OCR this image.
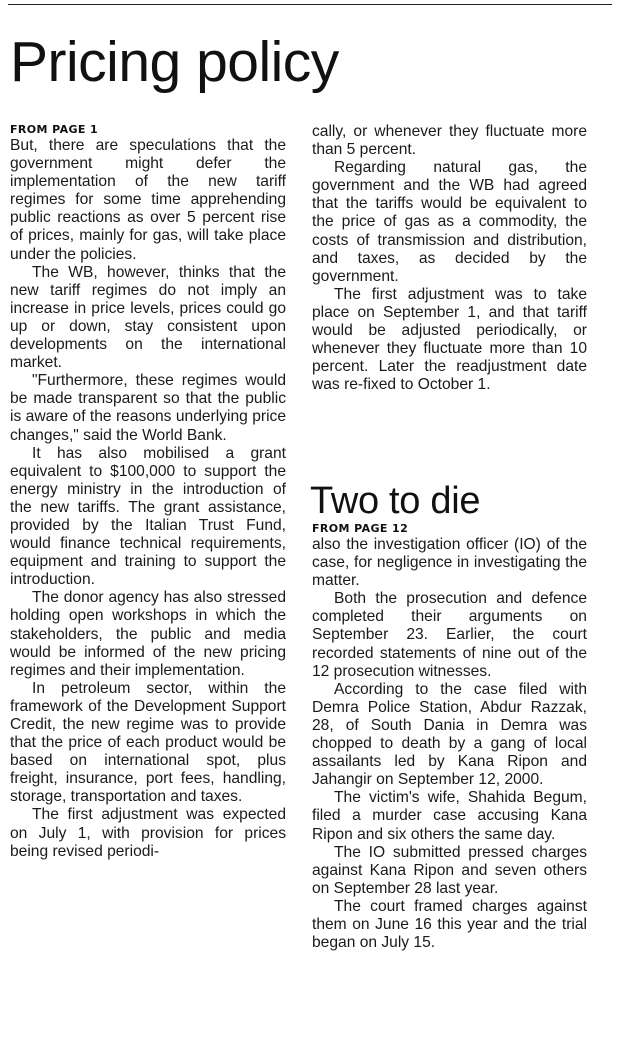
Pricing policy
FROM PAGE 1

But, there are speculations that the government might defer the implementation of the new tariff regimes for some time apprehending public reactions as over 5 percent rise of prices, mainly for gas, will take place under the policies.

The WB, however, thinks that the new tariff regimes do not imply an increase in price levels, prices could go up or down, stay consistent upon developments on the international market.

"Furthermore, these regimes would be made transparent so that the public is aware of the reasons underlying price changes," said the World Bank.

It has also mobilised a grant equivalent to $100,000 to support the energy ministry in the introduction of the new tariffs. The grant assistance, provided by the Italian Trust Fund, would finance technical requirements, equipment and training to support the introduction.

The donor agency has also stressed holding open workshops in which the stakeholders, the public and media would be informed of the new pricing regimes and their implementation.

In petroleum sector, within the framework of the Development Support Credit, the new regime was to provide that the price of each product would be based on international spot, plus freight, insurance, port fees, handling, storage, transportation and taxes.

The first adjustment was expected on July 1, with provision for prices being revised periodi-

cally, or whenever they fluctuate more than 5 percent.

Regarding natural gas, the government and the WB had agreed that the tariffs would be equivalent to the price of gas as a commodity, the costs of transmission and distribution, and taxes, as decided by the government.

The first adjustment was to take place on September 1, and that tariff would be adjusted periodically, or whenever they fluctuate more than 10 percent. Later the readjustment date was re-fixed to October 1.

Two to die
FROM PAGE 12

also the investigation officer (IO) of the case, for negligence in investigating the matter.

Both the prosecution and defence completed their arguments on September 23. Earlier, the court recorded statements of nine out of the 12 prosecution witnesses.

According to the case filed with Demra Police Station, Abdur Razzak, 28, of South Dania in Demra was chopped to death by a gang of local assailants led by Kana Ripon and Jahangir on September 12, 2000.

The victim's wife, Shahida Begum, filed a murder case accusing Kana Ripon and six others the same day.

The IO submitted pressed charges against Kana Ripon and seven others on September 28 last year.

The court framed charges against them on June 16 this year and the trial began on July 15.
